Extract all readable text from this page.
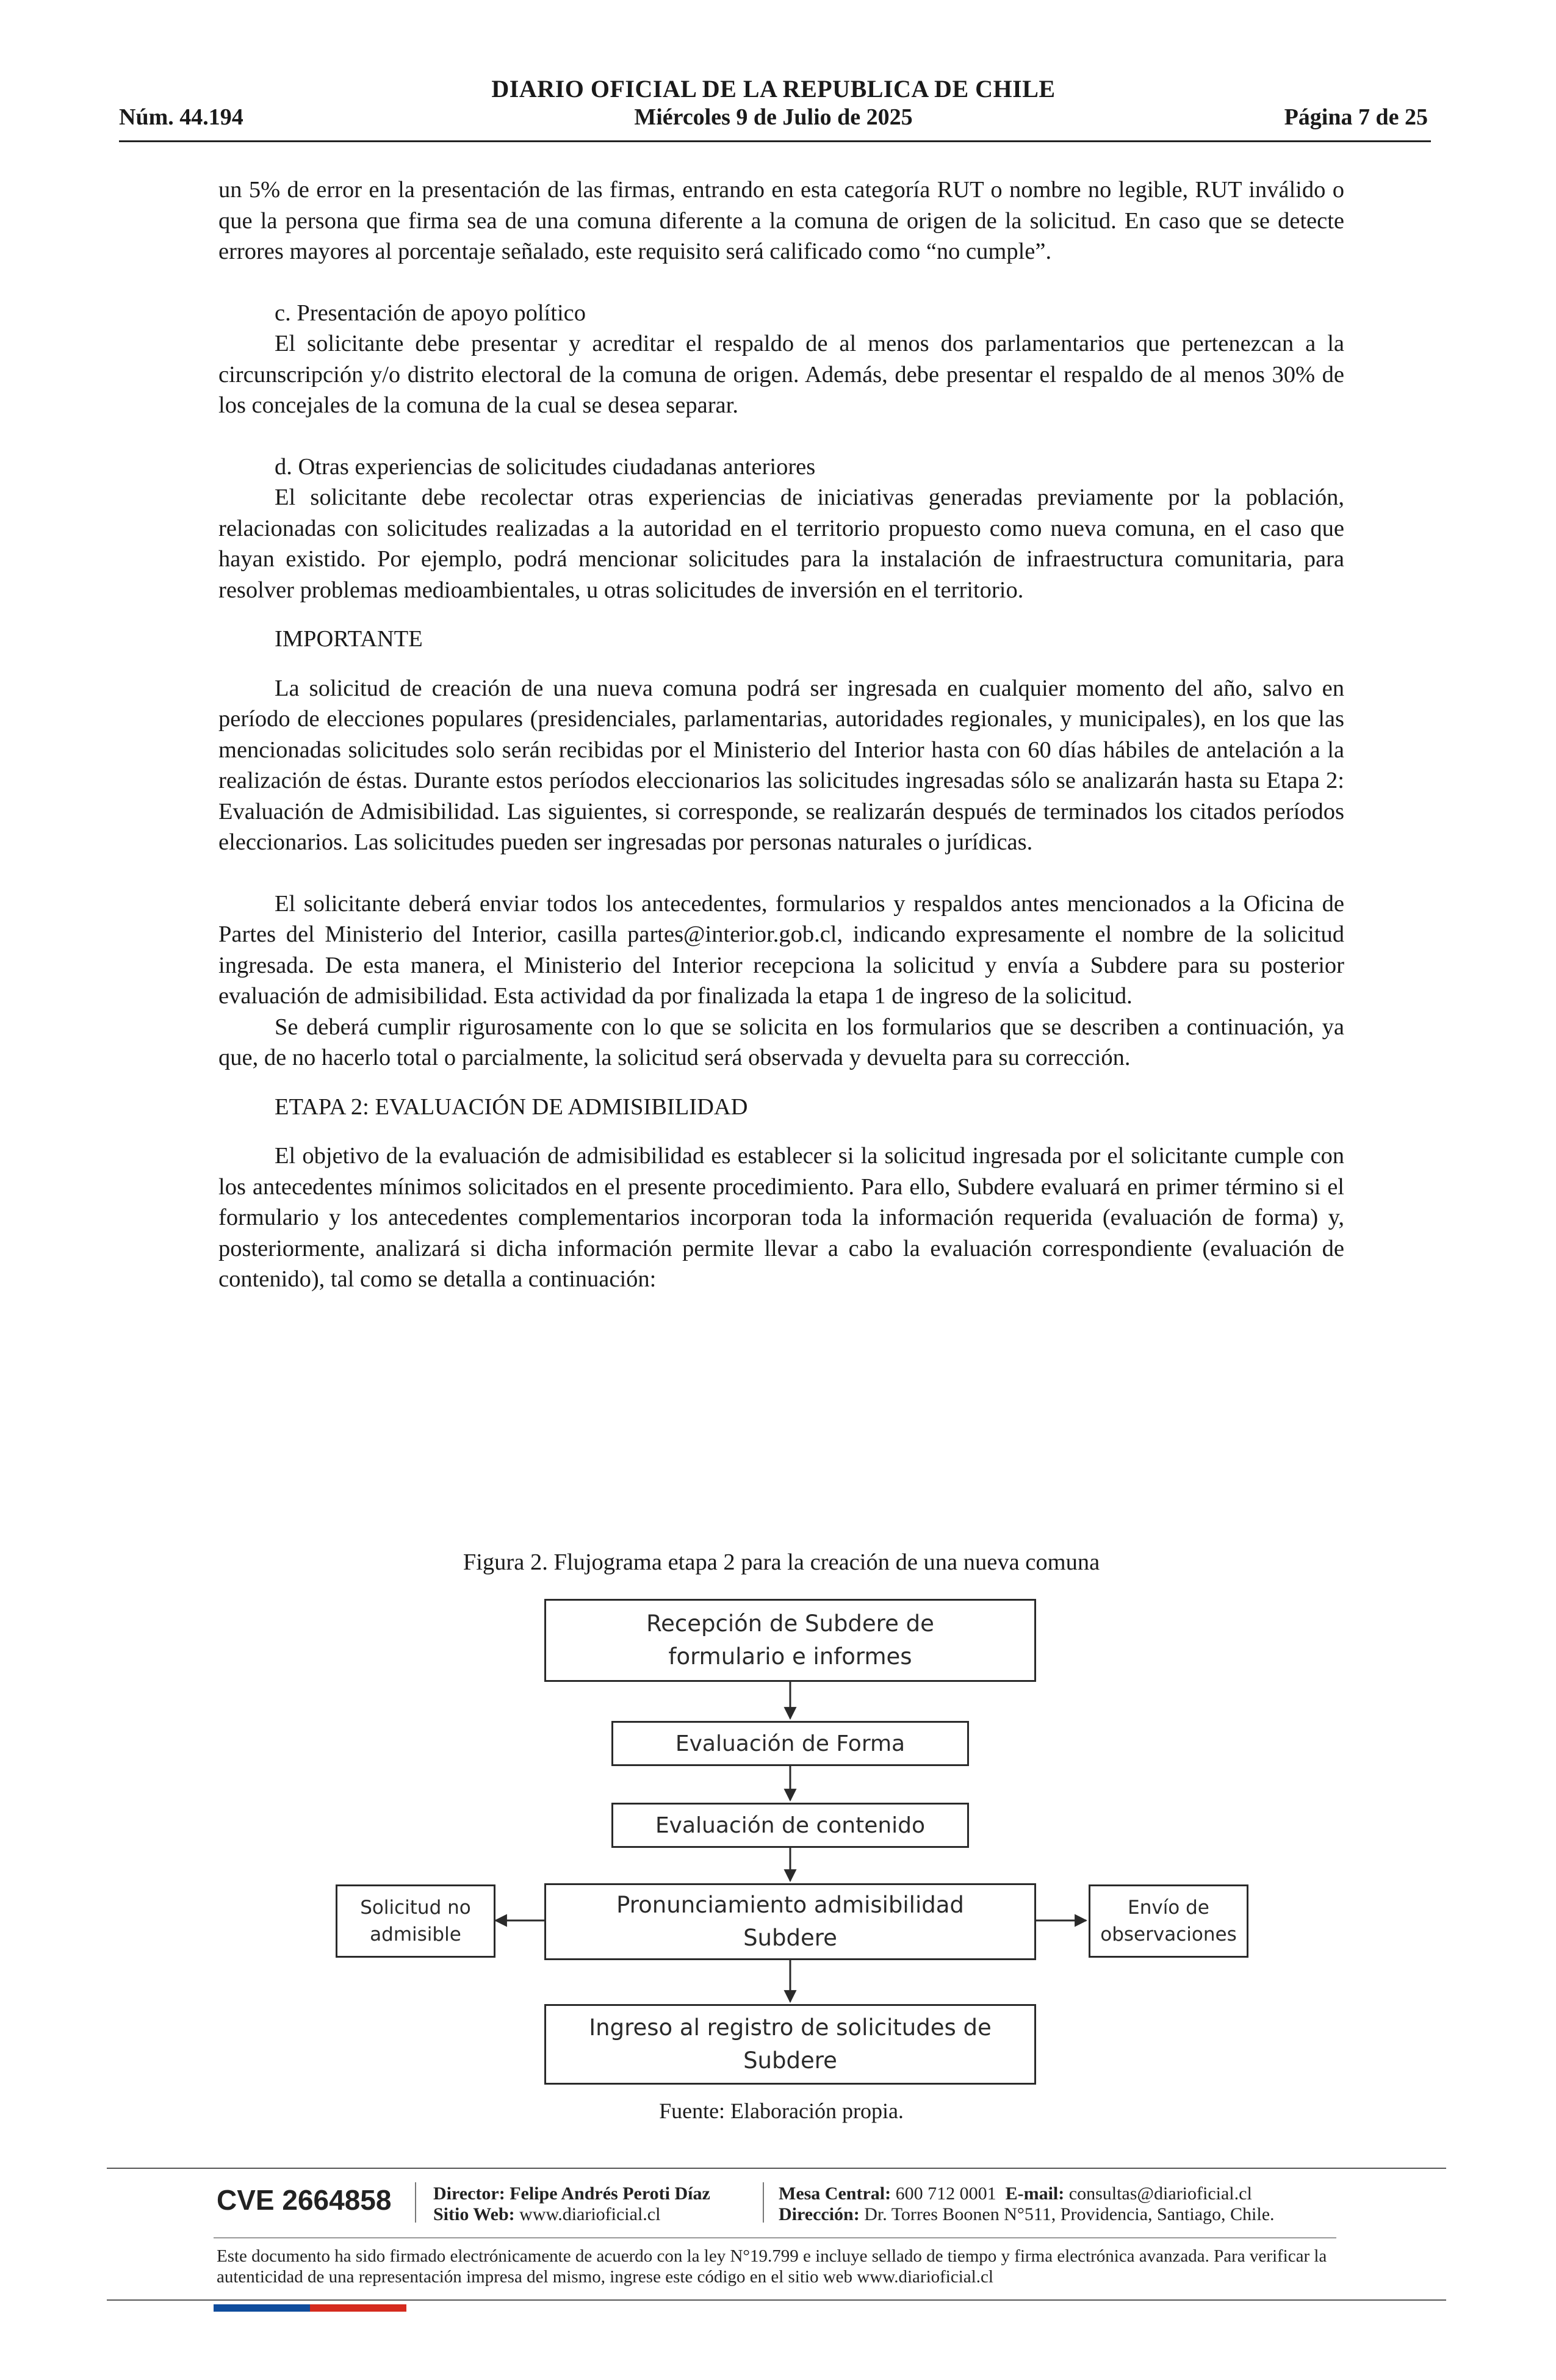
DIARIO OFICIAL DE LA REPUBLICA DE CHILE
Núm. 44.194	Miércoles 9 de Julio de 2025	Página 7 de 25

un 5% de error en la presentación de las firmas, entrando en esta categoría RUT o nombre no legible, RUT inválido o que la persona que firma sea de una comuna diferente a la comuna de origen de la solicitud. En caso que se detecte errores mayores al porcentaje señalado, este requisito será calificado como “no cumple”.

c. Presentación de apoyo político

El solicitante debe presentar y acreditar el respaldo de al menos dos parlamentarios que pertenezcan a la circunscripción y/o distrito electoral de la comuna de origen. Además, debe presentar el respaldo de al menos 30% de los concejales de la comuna de la cual se desea separar.

d. Otras experiencias de solicitudes ciudadanas anteriores

El solicitante debe recolectar otras experiencias de iniciativas generadas previamente por la población, relacionadas con solicitudes realizadas a la autoridad en el territorio propuesto como nueva comuna, en el caso que hayan existido. Por ejemplo, podrá mencionar solicitudes para la instalación de infraestructura comunitaria, para resolver problemas medioambientales, u otras solicitudes de inversión en el territorio.

IMPORTANTE

La solicitud de creación de una nueva comuna podrá ser ingresada en cualquier momento del año, salvo en período de elecciones populares (presidenciales, parlamentarias, autoridades regionales, y municipales), en los que las mencionadas solicitudes solo serán recibidas por el Ministerio del Interior hasta con 60 días hábiles de antelación a la realización de éstas. Durante estos períodos eleccionarios las solicitudes ingresadas sólo se analizarán hasta su Etapa 2: Evaluación de Admisibilidad. Las siguientes, si corresponde, se realizarán después de terminados los citados períodos eleccionarios. Las solicitudes pueden ser ingresadas por personas naturales o jurídicas.

El solicitante deberá enviar todos los antecedentes, formularios y respaldos antes mencionados a la Oficina de Partes del Ministerio del Interior, casilla partes@interior.gob.cl, indicando expresamente el nombre de la solicitud ingresada. De esta manera, el Ministerio del Interior recepciona la solicitud y envía a Subdere para su posterior evaluación de admisibilidad. Esta actividad da por finalizada la etapa 1 de ingreso de la solicitud.

Se deberá cumplir rigurosamente con lo que se solicita en los formularios que se describen a continuación, ya que, de no hacerlo total o parcialmente, la solicitud será observada y devuelta para su corrección.

ETAPA 2: EVALUACIÓN DE ADMISIBILIDAD

El objetivo de la evaluación de admisibilidad es establecer si la solicitud ingresada por el solicitante cumple con los antecedentes mínimos solicitados en el presente procedimiento. Para ello, Subdere evaluará en primer término si el formulario y los antecedentes complementarios incorporan toda la información requerida (evaluación de forma) y, posteriormente, analizará si dicha información permite llevar a cabo la evaluación correspondiente (evaluación de contenido), tal como se detalla a continuación:

Figura 2. Flujograma etapa 2 para la creación de una nueva comuna
Recepción de Subdere de
formulario e informes
Evaluación de Forma
Evaluación de contenido
Pronunciamiento admisibilidad
Subdere
Solicitud no
admisible
Envío de
observaciones
Ingreso al registro de solicitudes de
Subdere
Fuente: Elaboración propia.
CVE 2664858 Director: Felipe Andrés Peroti Díaz
Sitio Web: www.diarioficial.cl
Mesa Central: 600 712 0001 E-mail: consultas@diarioficial.cl
Dirección: Dr. Torres Boonen N°511, Providencia, Santiago, Chile.
Este documento ha sido firmado electrónicamente de acuerdo con la ley N°19.799 e incluye sellado de tiempo y firma electrónica avanzada. Para verificar la autenticidad de una representación impresa del mismo, ingrese este código en el sitio web www.diarioficial.cl
